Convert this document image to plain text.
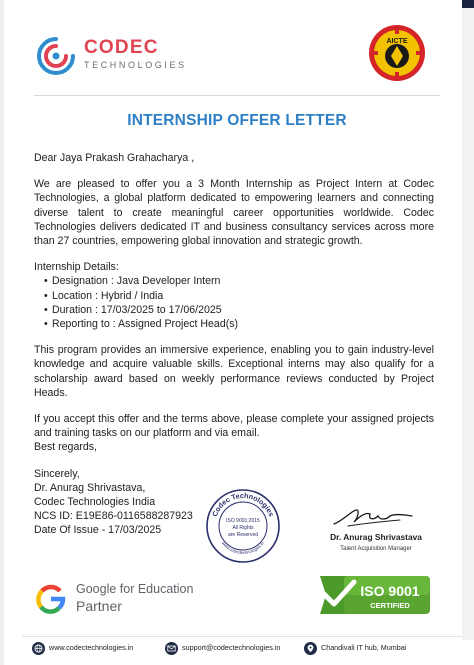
CODEC
TECHNOLOGIES
AICTE
INTERNSHIP OFFER LETTER

Dear Jaya Prakash Grahacharya ,

We are pleased to offer you a 3 Month Internship as Project Intern at Codec Technologies, a global platform dedicated to empowering learners and connecting diverse talent to create meaningful career opportunities worldwide. Codec Technologies delivers dedicated IT and business consultancy services across more than 27 countries, empowering global innovation and strategic growth.

Internship Details:

• Designation : Java Developer Intern
• Location : Hybrid / India
• Duration : 17/03/2025 to 17/06/2025
• Reporting to : Assigned Project Head(s)

This program provides an immersive experience, enabling you to gain industry-level knowledge and acquire valuable skills. Exceptional interns may also qualify for a scholarship award based on weekly performance reviews conducted by Project Heads.

If you accept this offer and the terms above, please complete your assigned projects and training tasks on our platform and via email.

Best regards,

Sincerely,

Dr. Anurag Shrivastava,

Codec Technologies India

NCS ID: E19E86-0116588287923

Date Of Issue - 17/03/2025

Codec Technologies
www.codectechnologies.in
ISO 9001:2015
All Rights
are Reserved	Dr. Anurag Shrivastava
Talent Acquisition Manager
Google for Education
Partner
ISO 9001
CERTIFIED
www.codectechnologies.in	support@codectechnologies.in	Chandivali IT hub, Mumbai
